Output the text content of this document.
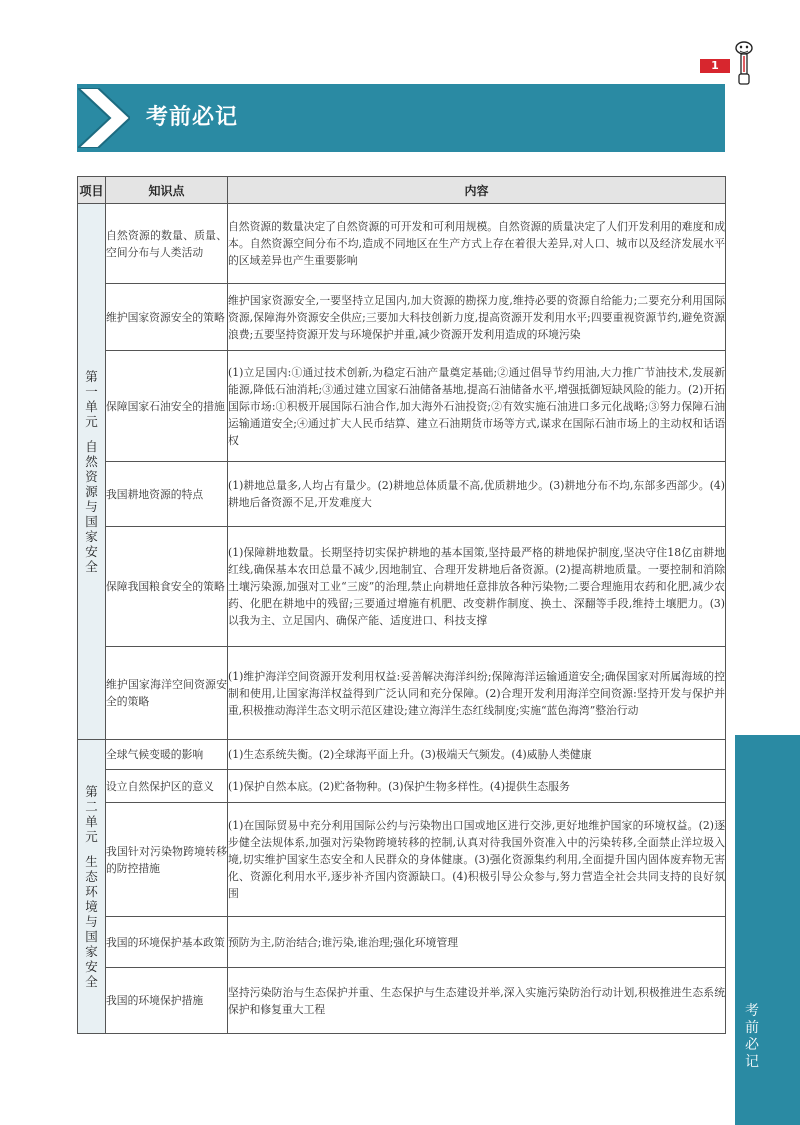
1
考前必记
考前必记
项目	知识点	内容

第一单元
自然资源与国家安全	自然资源的数量、质量、空间分布与人类活动	自然资源的数量决定了自然资源的可开发和可利用规模。自然资源的质量决定了人们开发利用的难度和成本。自然资源空间分布不均,造成不同地区在生产方式上存在着很大差异,对人口、城市以及经济发展水平的区域差异也产生重要影响
	维护国家资源安全的策略	维护国家资源安全,一要坚持立足国内,加大资源的勘探力度,维持必要的资源自给能力;二要充分利用国际资源,保障海外资源安全供应;三要加大科技创新力度,提高资源开发利用水平;四要重视资源节约,避免资源浪费;五要坚持资源开发与环境保护并重,减少资源开发利用造成的环境污染
	保障国家石油安全的措施	(1)立足国内:①通过技术创新,为稳定石油产量奠定基础;②通过倡导节约用油,大力推广节油技术,发展新能源,降低石油消耗;③通过建立国家石油储备基地,提高石油储备水平,增强抵御短缺风险的能力。(2)开拓国际市场:①积极开展国际石油合作,加大海外石油投资;②有效实施石油进口多元化战略;③努力保障石油运输通道安全;④通过扩大人民币结算、建立石油期货市场等方式,谋求在国际石油市场上的主动权和话语权
	我国耕地资源的特点	(1)耕地总量多,人均占有量少。(2)耕地总体质量不高,优质耕地少。(3)耕地分布不均,东部多西部少。(4)耕地后备资源不足,开发难度大
	保障我国粮食安全的策略	(1)保障耕地数量。长期坚持切实保护耕地的基本国策,坚持最严格的耕地保护制度,坚决守住18亿亩耕地红线,确保基本农田总量不减少,因地制宜、合理开发耕地后备资源。(2)提高耕地质量。一要控制和消除土壤污染源,加强对工业“三废”的治理,禁止向耕地任意排放各种污染物;二要合理施用农药和化肥,减少农药、化肥在耕地中的残留;三要通过增施有机肥、改变耕作制度、换土、深翻等手段,维持土壤肥力。(3)以我为主、立足国内、确保产能、适度进口、科技支撑
	维护国家海洋空间资源安全的策略	(1)维护海洋空间资源开发利用权益:妥善解决海洋纠纷;保障海洋运输通道安全;确保国家对所属海域的控制和使用,让国家海洋权益得到广泛认同和充分保障。(2)合理开发利用海洋空间资源:坚持开发与保护并重,积极推动海洋生态文明示范区建设;建立海洋生态红线制度;实施“蓝色海湾”整治行动

第二单元
生态环境与国家安全	全球气候变暖的影响	(1)生态系统失衡。(2)全球海平面上升。(3)极端天气频发。(4)威胁人类健康
	设立自然保护区的意义	(1)保护自然本底。(2)贮备物种。(3)保护生物多样性。(4)提供生态服务
	我国针对污染物跨境转移的防控措施	(1)在国际贸易中充分利用国际公约与污染物出口国或地区进行交涉,更好地维护国家的环境权益。(2)逐步健全法规体系,加强对污染物跨境转移的控制,认真对待我国外资准入中的污染转移,全面禁止洋垃圾入境,切实维护国家生态安全和人民群众的身体健康。(3)强化资源集约利用,全面提升国内固体废弃物无害化、资源化利用水平,逐步补齐国内资源缺口。(4)积极引导公众参与,努力营造全社会共同支持的良好氛围
	我国的环境保护基本政策	预防为主,防治结合;谁污染,谁治理;强化环境管理
	我国的环境保护措施	坚持污染防治与生态保护并重、生态保护与生态建设并举,深入实施污染防治行动计划,积极推进生态系统保护和修复重大工程
